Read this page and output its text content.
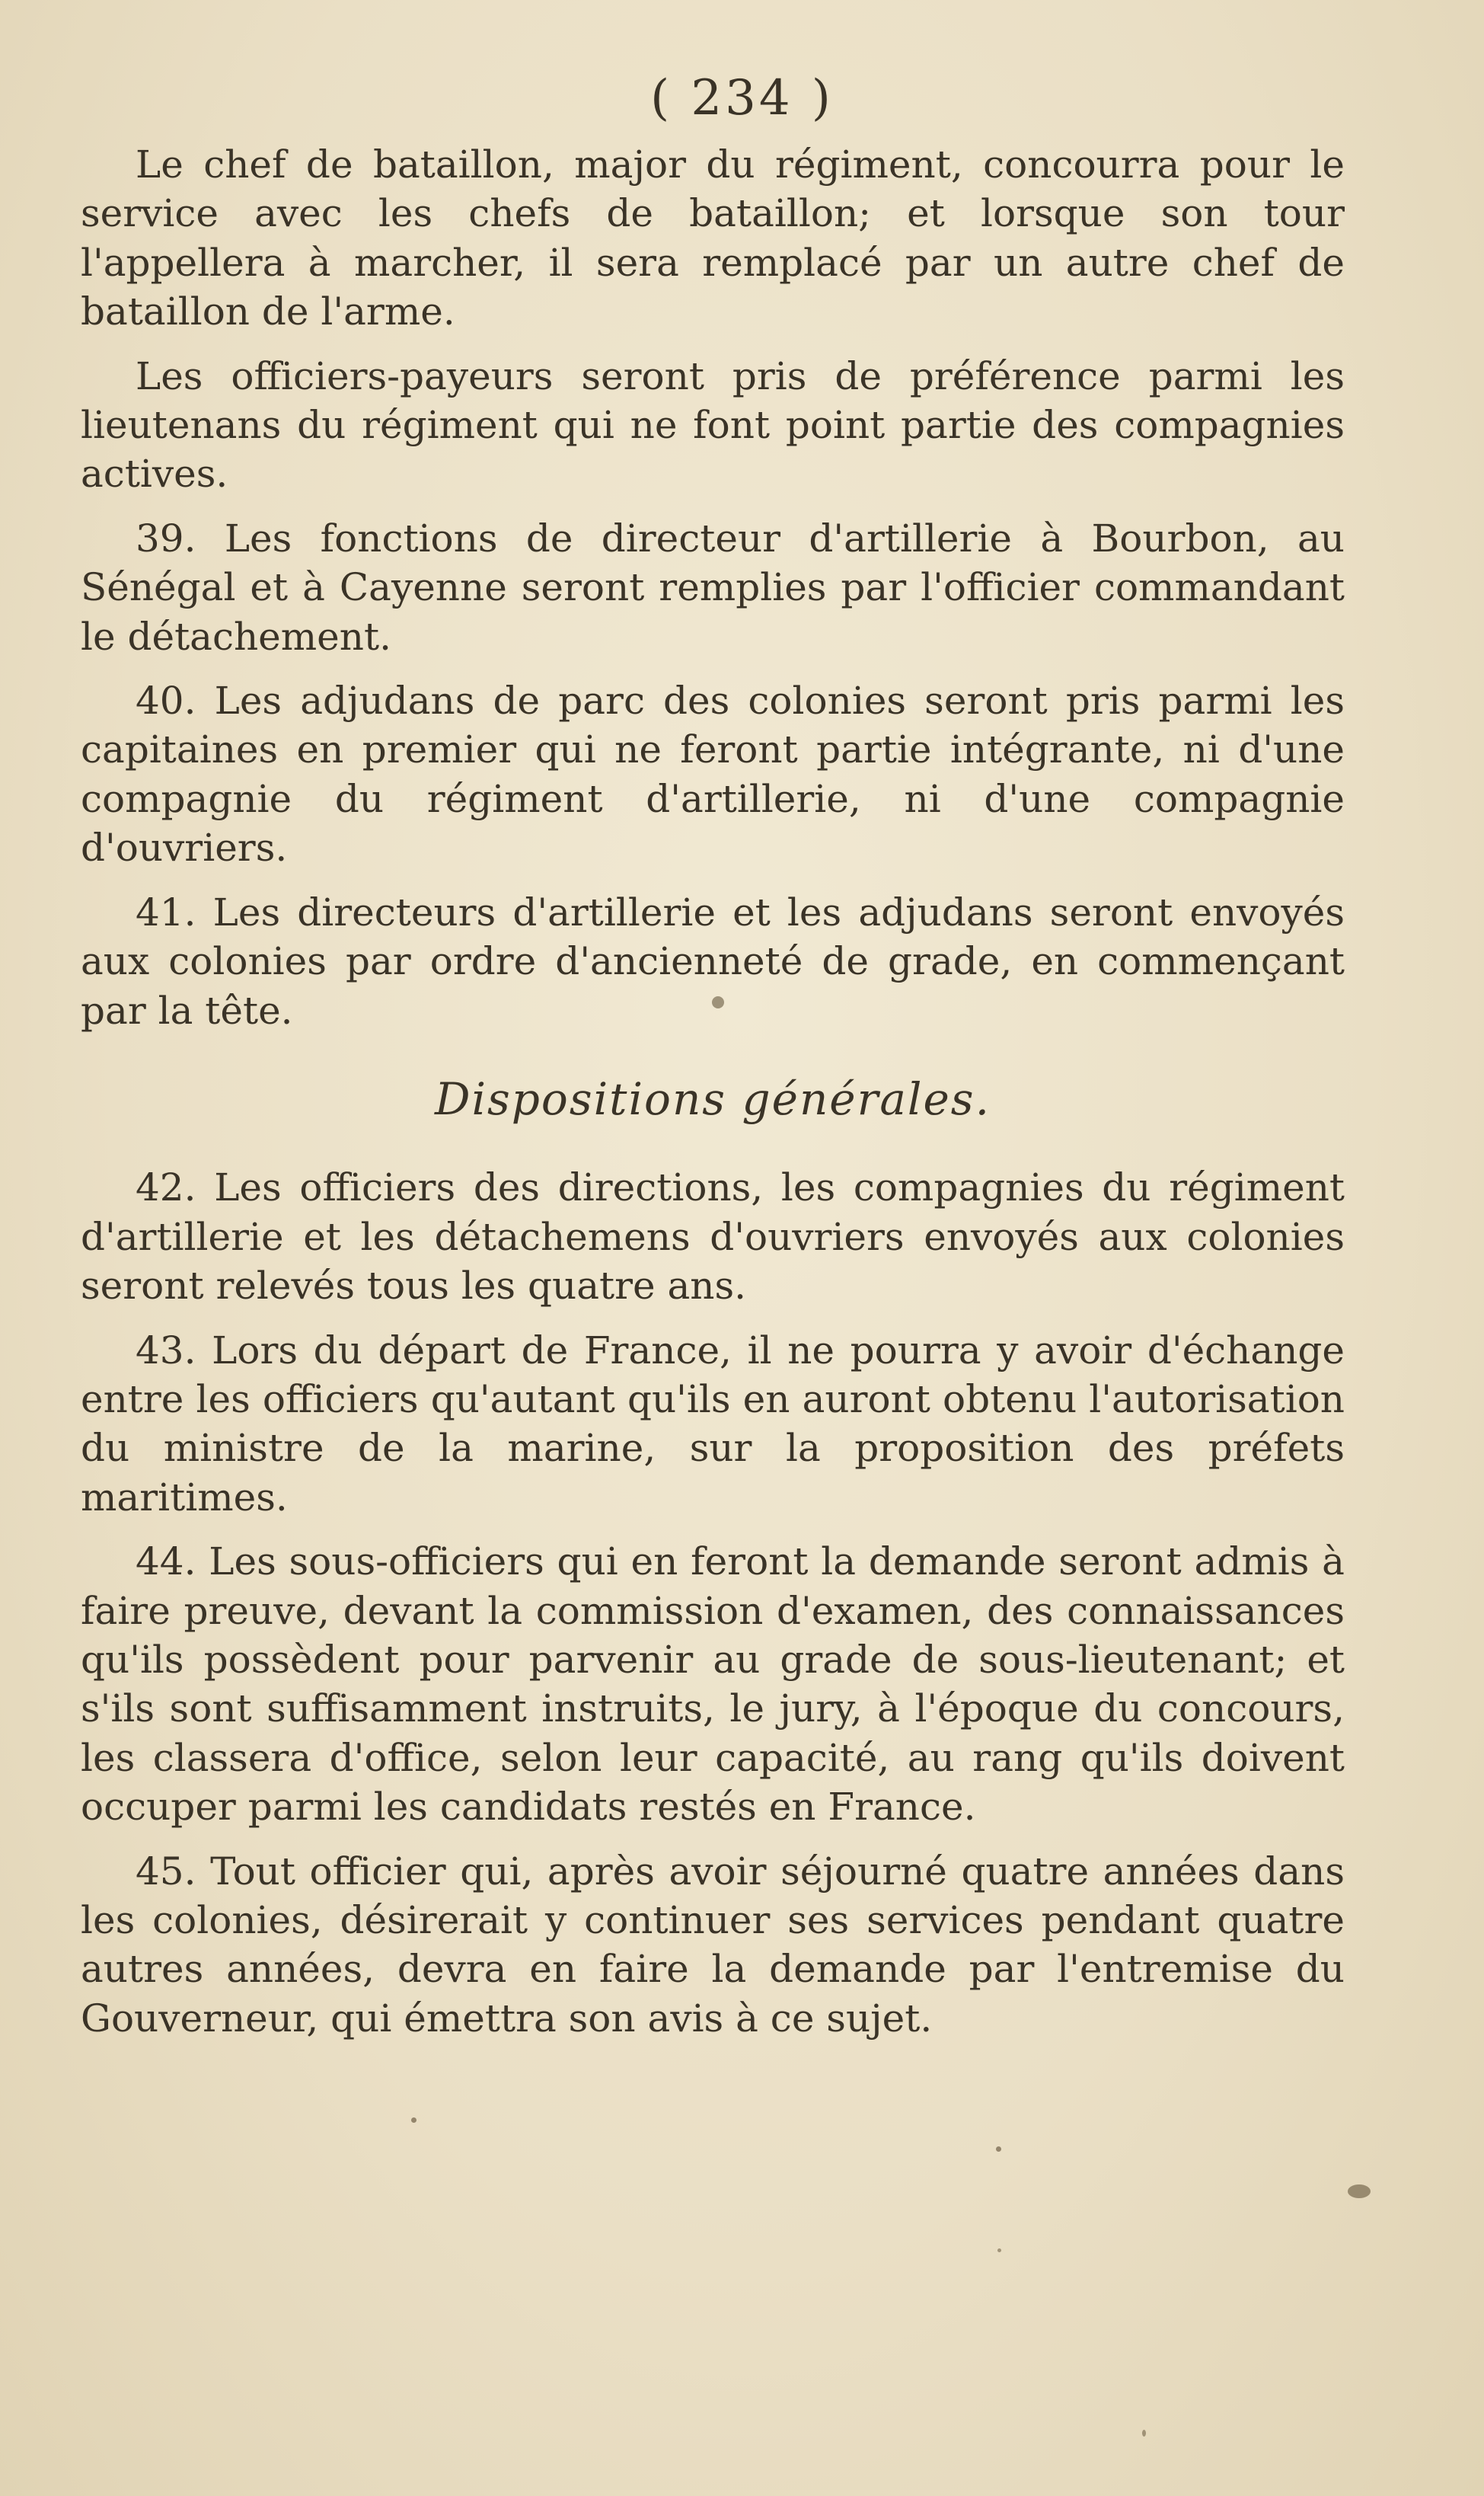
( 234 )

Le chef de bataillon, major du régiment, concourra pour le service avec les chefs de bataillon; et lorsque son tour l'appellera à marcher, il sera remplacé par un autre chef de bataillon de l'arme.

Les officiers-payeurs seront pris de préférence parmi les lieutenans du régiment qui ne font point partie des compagnies actives.

39. Les fonctions de directeur d'artillerie à Bourbon, au Sénégal et à Cayenne seront remplies par l'officier commandant le détachement.

40. Les adjudans de parc des colonies seront pris parmi les capitaines en premier qui ne feront partie intégrante, ni d'une compagnie du régiment d'artillerie, ni d'une compagnie d'ouvriers.

41. Les directeurs d'artillerie et les adjudans seront envoyés aux colonies par ordre d'ancienneté de grade, en commençant par la tête.

Dispositions générales.

42. Les officiers des directions, les compagnies du régiment d'artillerie et les détachemens d'ouvriers envoyés aux colonies seront relevés tous les quatre ans.

43. Lors du départ de France, il ne pourra y avoir d'échange entre les officiers qu'autant qu'ils en auront obtenu l'autorisation du ministre de la marine, sur la proposition des préfets maritimes.

44. Les sous-officiers qui en feront la demande seront admis à faire preuve, devant la commission d'examen, des connaissances qu'ils possèdent pour parvenir au grade de sous-lieutenant; et s'ils sont suffisamment instruits, le jury, à l'époque du concours, les classera d'office, selon leur capacité, au rang qu'ils doivent occuper parmi les candidats restés en France.

45. Tout officier qui, après avoir séjourné quatre années dans les colonies, désirerait y continuer ses services pendant quatre autres années, devra en faire la demande par l'entremise du Gouverneur, qui émettra son avis à ce sujet.
